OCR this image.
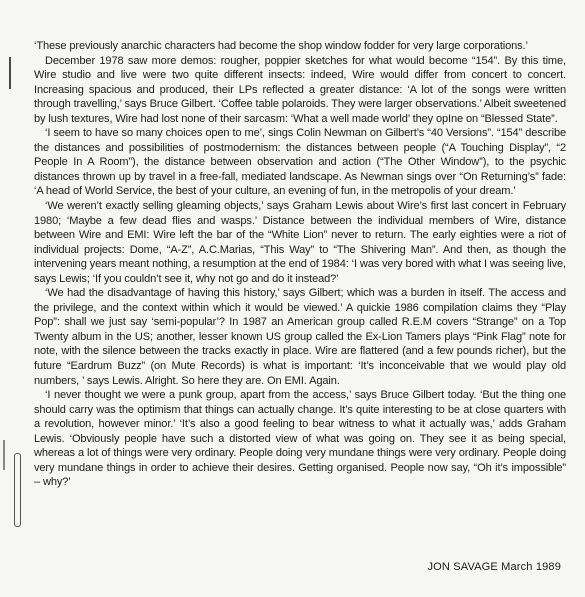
‘These previously anarchic characters had become the shop window fodder for very large corporations.’

December 1978 saw more demos: rougher, poppier sketches for what would become “154”. By this time, Wire studio and live were two quite different insects: indeed, Wire would differ from concert to concert. Increasing spacious and produced, their LPs reflected a greater distance: ‘A lot of the songs were written through travelling,’ says Bruce Gilbert. ‘Coffee table polaroids. They were larger observations.’ Albeit sweetened by lush textures, Wire had lost none of their sarcasm: ‘What a well made world’ they opIne on “Blessed State”.

‘I seem to have so many choices open to me’, sings Colin Newman on Gilbert’s “40 Versions”. “154” describe the distances and possibilities of postmodernism: the distances between people (“A Touching Display”, “2 People In A Room”), the distance between observation and action (“The Other Window”), to the psychic distances thrown up by travel in a free-fall, mediated landscape. As Newman sings over “On Returning’s” fade: ‘A head of World Service, the best of your culture, an evening of fun, in the metropolis of your dream.’

‘We weren’t exactly selling gleaming objects,’ says Graham Lewis about Wire’s first last concert in February 1980; ‘Maybe a few dead flies and wasps.’ Distance between the individual members of Wire, distance between Wire and EMI: Wire left the bar of the “White Lion” never to return. The early eighties were a riot of individual projects: Dome, “A-Z”, A.C.Marias, “This Way” to “The Shivering Man”. And then, as though the intervening years meant nothing, a resumption at the end of 1984: ‘I was very bored with what I was seeing live, says Lewis; ‘If you couldn’t see it, why not go and do it instead?’

‘We had the disadvantage of having this history,’ says Gilbert; which was a burden in itself. The access and the privilege, and the context within which it would be viewed.’ A quickie 1986 compilation claims they “Play Pop”: shall we just say ‘semi-popular’? In 1987 an American group called R.E.M covers “Strange” on a Top Twenty album in the US; another, lesser known US group called the Ex-Lion Tamers plays “Pink Flag” note for note, with the silence between the tracks exactly in place. Wire are flattered (and a few pounds richer), but the future “Eardrum Buzz” (on Mute Records) is what is important: ‘It’s inconceivable that we would play old numbers, ’ says Lewis. Alright. So here they are. On EMI. Again.

‘I never thought we were a punk group, apart from the access,’ says Bruce Gilbert today. ‘But the thing one should carry was the optimism that things can actually change. It’s quite interesting to be at close quarters with a revolution, however minor.’ ‘It’s also a good feeling to bear witness to what it actually was,’ adds Graham Lewis. ‘Obviously people have such a distorted view of what was going on. They see it as being special, whereas a lot of things were very ordinary. People doing very mundane things were very ordinary. People doing very mundane things in order to achieve their desires. Getting organised. People now say, “Oh it’s impossible” – why?’

JON SAVAGE March 1989
